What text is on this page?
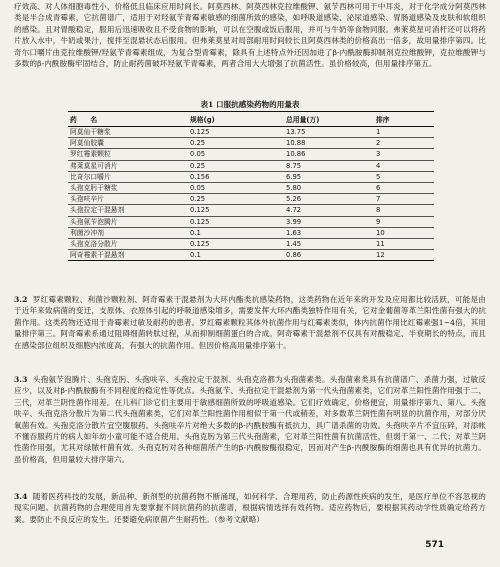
疗效高、对人体细胞毒性小，价格低且临床应用时间长。阿莫西林、阿莫西林克拉维酸钾、氨苄西林可用于中耳炎，对于化学成分阿莫西林类是半合成青霉素，它抗菌谱广，适用于对羟氨苄青霉素敏感的细菌所致的感染，如呼吸道感染、泌尿道感染、胃肠道感染及皮肤和软组织的感染。且对胃酸稳定，服用后迅速吸收且不受食物的影响，可以在空腹或饭后服用，并可与牛奶等食物同服。弗莱莫星可消杆还可以将药片放入水中，牛奶或果汁，搅拌至混悬状态后服用。但弗莱莫星对局部耐用时间较长且阿莫西林类的价格高出一倍多，故用量排序第四。比奇尔口嚼片由克拉维酸钾/羟氨苄青霉素组成，为复合型青霉素，除具有上述特点外还因加进了β-内酰胺酶抑制剂克拉维酸钾，克拉维酸钾与多数的β-内酰胺酶牢固结合，防止耐药菌破坏羟氨苄青霉素，两者合用大大增强了抗菌活性。虽价格较高，但用量排序第五。

表1 口服抗感染药物的用量表
药　　名	规格(g)	总用量(万)	排序
阿莫仙干糖浆	0.125	13.75	1
阿莫仙胶囊	0.25	10.88	2
罗红霉素颗粒	0.05	10.86	3
弗莱莫星可消片	0.25	8.75	4
比奇尔口嚼片	0.156	6.95	5
头孢克肟干糖浆	0.05	5.80	6
头孢呋辛片	0.25	5.26	7
头孢拉定干混悬剂	0.125	4.72	8
头孢氨苄泡腾片	0.125	3.99	9
利菌沙冲剂	0.1	1.63	10
头孢克洛分散片	0.125	1.45	11
阿奇霉素干混悬剂	0.1	0.86	12

3.2 罗红霉素颗粒、利菌沙颗粒剂、阿奇霉素干混悬剂为大环内酯类抗感染药物，这类药物在近年来的开发及应用都比较活跃，可能是由于近年来致病菌的变迁，支原体、衣原体引起的呼吸道感染增多，需要发挥大环内酯类独特作用有关，它对金葡菌等革兰阳性菌有强大的抗菌作用。这类药物还适用于青霉素过敏及耐药的患者。罗红霉素颗粒其体外抗菌作用与红霉素类似，体内抗菌作用比红霉素强1~4倍，其用量排序第三。阿奇霉素系通过阻碍细菌转肽过程，从而抑制细菌蛋白的合成。阿奇霉素干混悬剂不仅具有对酸稳定、半衰期长的特点，而且在感染部位组织及细胞内浓度高，有强大的抗菌作用。但因价格高用量排序第十。

3.3 头孢氨苄泡腾片、头孢克肟、头孢呋辛、头孢拉定干混剂、头孢克洛都为头孢菌素类。头孢菌素类具有抗菌谱广、杀菌力强，过敏反应少，以及对β-内酰胺酶有不同程度的稳定性等优点。头孢氨苄、头孢拉定干混悬剂为第一代头孢菌素类，它们对革兰阳性菌作用强于二、三代，对革兰阴性菌作用差。在儿科门诊它们主要用于敏感细菌所致的呼吸道感染。它们疗效确定，价格便宜，用量排序第九、第八。头孢呋辛、头孢克洛分散片为第二代头孢菌素类，它们对革兰阳性菌作用相似于第一代或稍差，对多数革兰阴性菌有明显的抗菌作用，对部分厌氧菌有效。头孢克洛分散片宜空腹服药。头孢呋辛片对绝大多数的β-内酰胺酶有抵抗力，具广谱杀菌的功效。头孢呋辛片不宜压碎，对添帐不懂吞服药片的病人如年幼小童可能不适合使用。头孢克肟为第三代头孢菌素，它对革兰阳性菌有抗菌活性，但弱于第一、二代；对革兰阴性菌作用强，尤其对绿脓杆菌有效。头孢克肟对各种细菌所产生的β-内酰胺酶很稳定，因而对产生β-内酰胺酶的细菌也具有优异的抗菌力。虽价格高，但用量较大排序第六。

3.4 随着医药科技的发展，新品种、新剂型的抗菌药物不断涌现，如何科学、合理用药，防止药源性疾病的发生，是医疗单位不容忽视的现实问题。抗菌药物的合理使用首先要掌握不同抗菌药的抗菌谱，根据病情选择有效药物。适应药物后，要根据其药动学性质确定给药方案。要防止不良反应的发生。还要避免病原菌产生耐药性。（参考文献略）

571
